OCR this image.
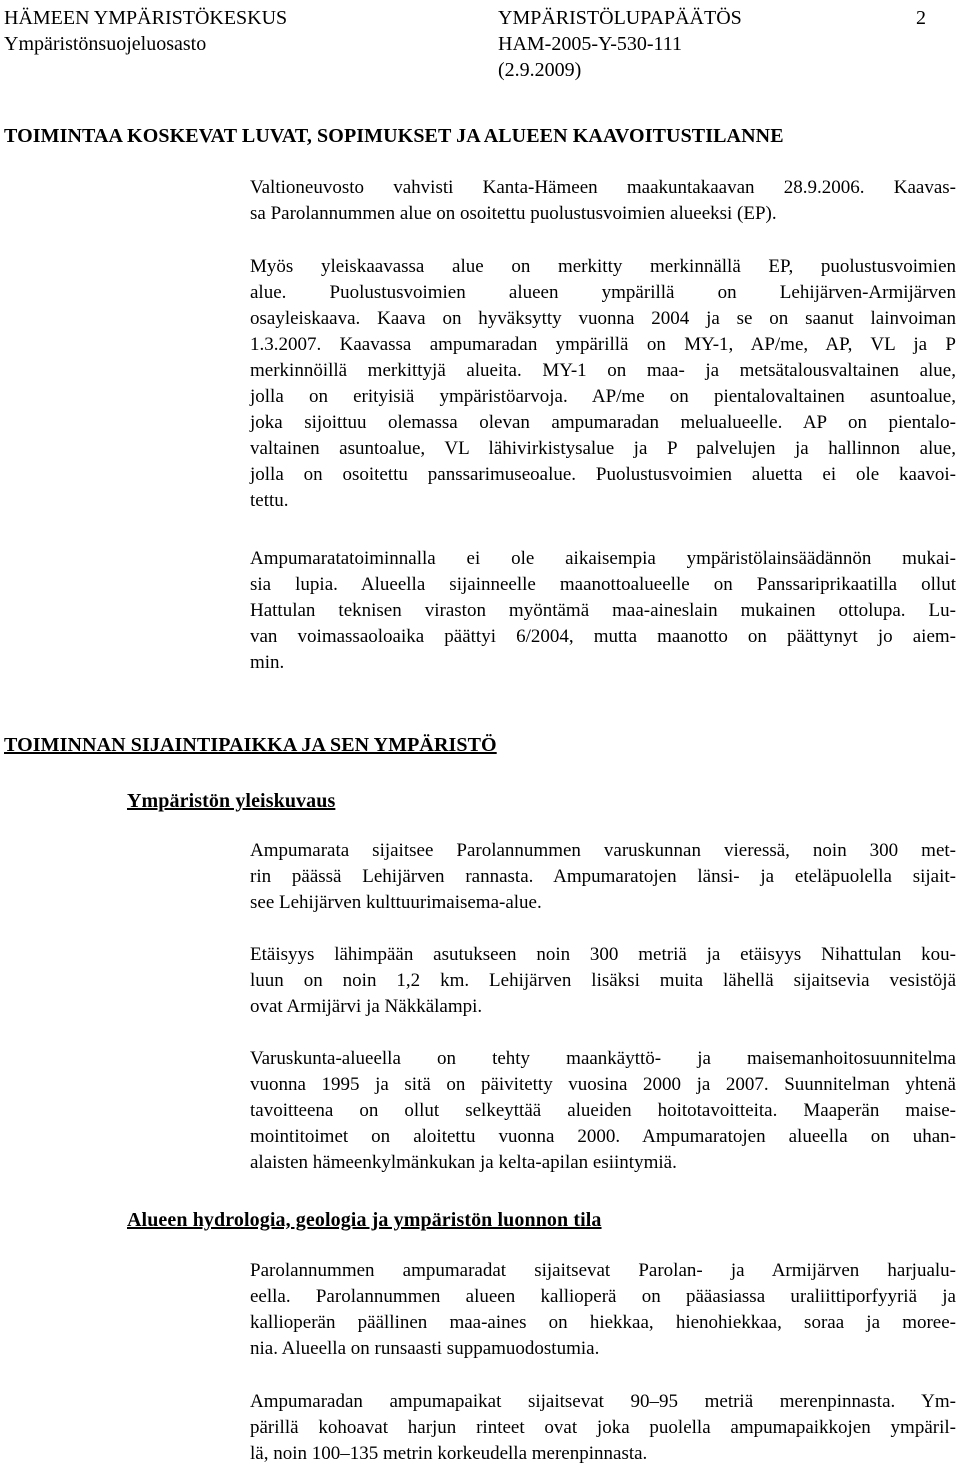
HÄMEEN YMPÄRISTÖKESKUS
Ympäristönsuojeluosasto
YMPÄRISTÖLUPAPÄÄTÖS
HAM-2005-Y-530-111
(2.9.2009)
2
TOIMINTAA KOSKEVAT LUVAT, SOPIMUKSET JA ALUEEN KAAVOITUSTILANNE
TOIMINNAN SIJAINTIPAIKKA JA SEN YMPÄRISTÖ
Ympäristön yleiskuvaus
Alueen hydrologia, geologia ja ympäristön luonnon tila
Valtioneuvosto vahvisti Kanta-Hämeen maakuntakaavan 28.9.2006. Kaavas-
sa Parolannummen alue on osoitettu puolustusvoimien alueeksi (EP).
Myös yleiskaavassa alue on merkitty merkinnällä EP, puolustusvoimien
alue. Puolustusvoimien alueen ympärillä on Lehijärven-Armijärven
osayleiskaava. Kaava on hyväksytty vuonna 2004 ja se on saanut lainvoiman
1.3.2007. Kaavassa ampumaradan ympärillä on MY-1, AP/me, AP, VL ja P
merkinnöillä merkittyjä alueita. MY-1 on maa- ja metsätalousvaltainen alue,
jolla on erityisiä ympäristöarvoja. AP/me on pientalovaltainen asuntoalue,
joka sijoittuu olemassa olevan ampumaradan melualueelle. AP on pientalo-
valtainen asuntoalue, VL lähivirkistysalue ja P palvelujen ja hallinnon alue,
jolla on osoitettu panssarimuseoalue. Puolustusvoimien aluetta ei ole kaavoi-
tettu.
Ampumaratatoiminnalla ei ole aikaisempia ympäristölainsäädännön mukai-
sia lupia. Alueella sijainneelle maanottoalueelle on Panssariprikaatilla ollut
Hattulan teknisen viraston myöntämä maa-aineslain mukainen ottolupa. Lu-
van voimassaoloaika päättyi 6/2004, mutta maanotto on päättynyt jo aiem-
min.
Ampumarata sijaitsee Parolannummen varuskunnan vieressä, noin 300 met-
rin päässä Lehijärven rannasta. Ampumaratojen länsi- ja eteläpuolella sijait-
see Lehijärven kulttuurimaisema-alue.
Etäisyys lähimpään asutukseen noin 300 metriä ja etäisyys Nihattulan kou-
luun on noin 1,2 km. Lehijärven lisäksi muita lähellä sijaitsevia vesistöjä
ovat Armijärvi ja Näkkälampi.
Varuskunta-alueella on tehty maankäyttö- ja maisemanhoitosuunnitelma
vuonna 1995 ja sitä on päivitetty vuosina 2000 ja 2007. Suunnitelman yhtenä
tavoitteena on ollut selkeyttää alueiden hoitotavoitteita. Maaperän maise-
mointitoimet on aloitettu vuonna 2000. Ampumaratojen alueella on uhan-
alaisten hämeenkylmänkukan ja kelta-apilan esiintymiä.
Parolannummen ampumaradat sijaitsevat Parolan- ja Armijärven harjualu-
eella. Parolannummen alueen kallioperä on pääasiassa uraliittiporfyyriä ja
kallioperän päällinen maa-aines on hiekkaa, hienohiekkaa, soraa ja moree-
nia. Alueella on runsaasti suppamuodostumia.
Ampumaradan ampumapaikat sijaitsevat 90–95 metriä merenpinnasta. Ym-
pärillä kohoavat harjun rinteet ovat joka puolella ampumapaikkojen ympäril-
lä, noin 100–135 metrin korkeudella merenpinnasta.
